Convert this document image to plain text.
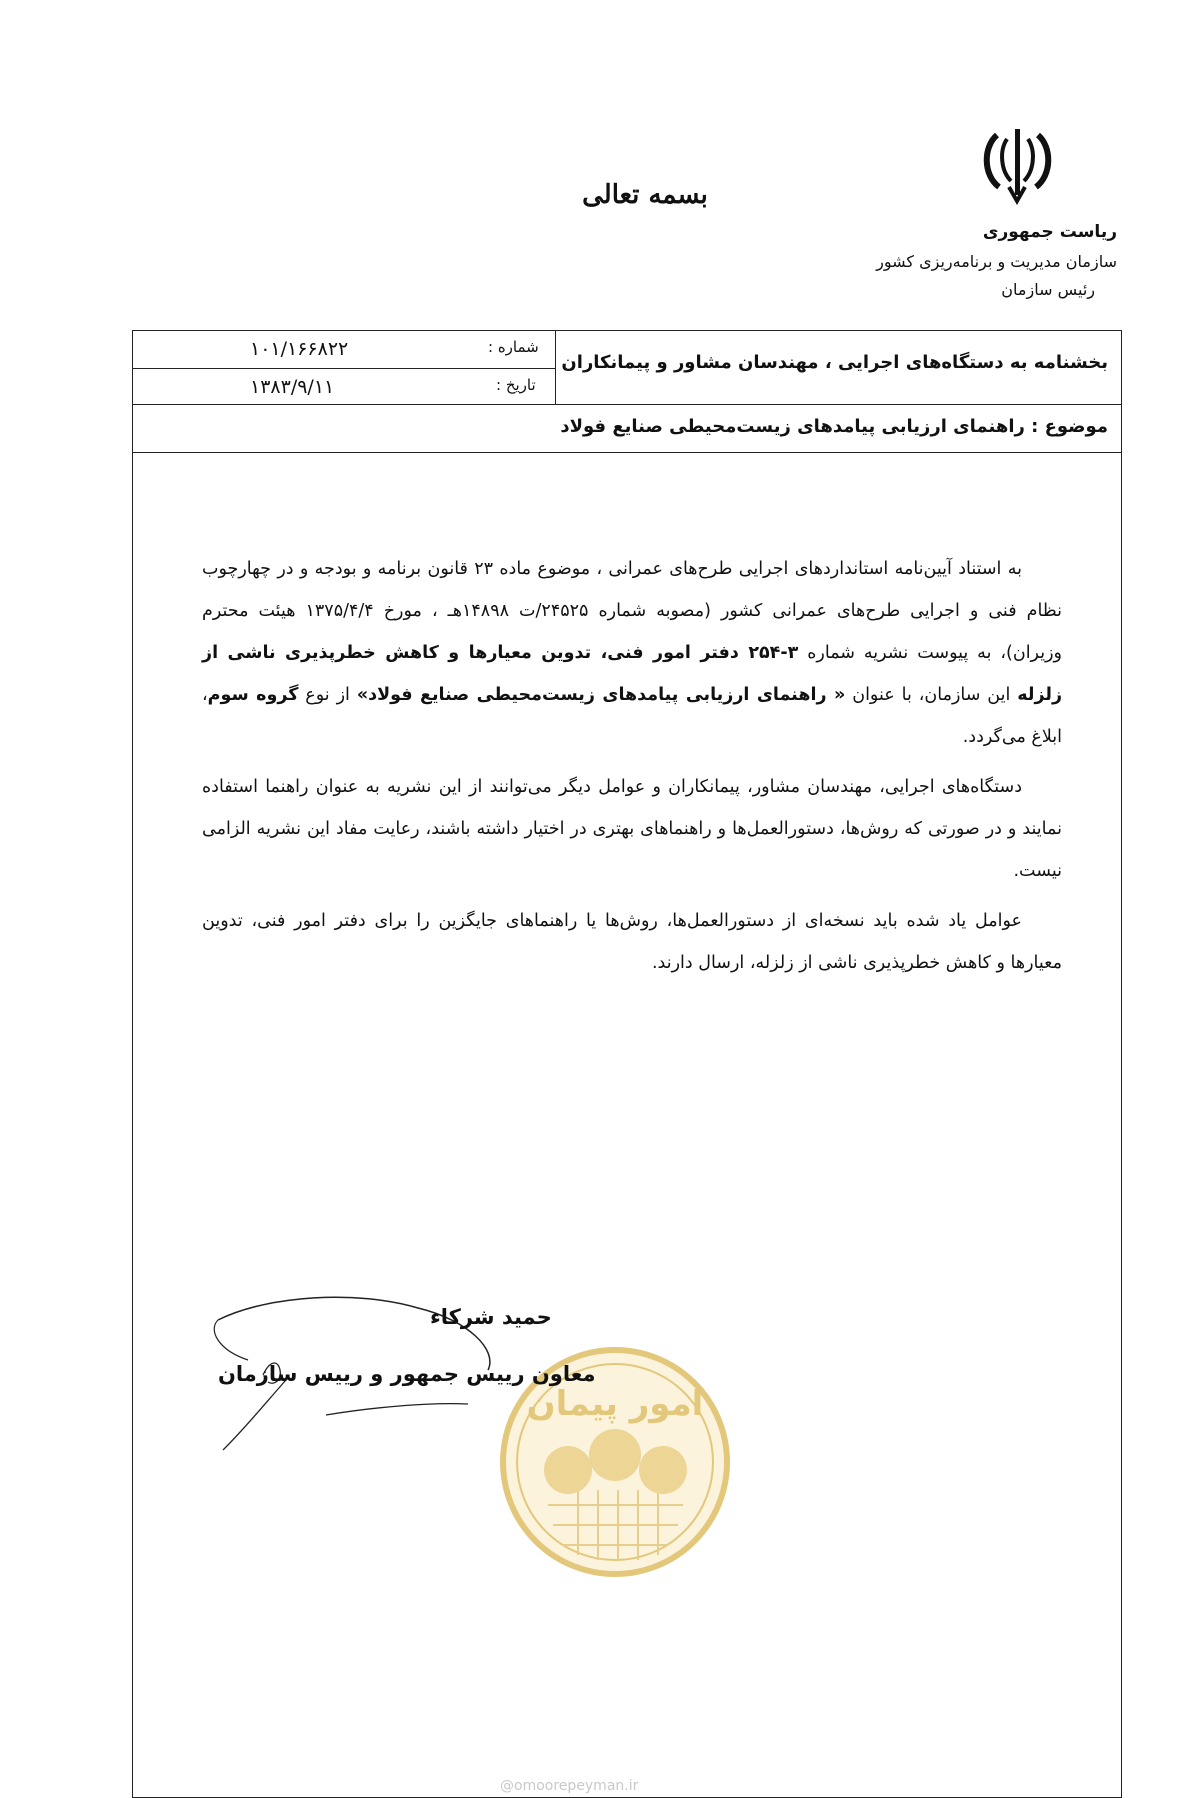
بسمه تعالی
ریاست جمهوری
سازمان مدیریت و برنامه‌ریزی کشور
رئیس سازمان
بخشنامه به دستگاه‌های اجرایی ، مهندسان مشاور و پیمانکاران
شماره :
۱۰۱/۱۶۶۸۲۲
تاریخ :
۱۳۸۳/۹/۱۱
موضوع : راهنمای ارزیابی پیامدهای زیست‌محیطی صنایع فولاد

به استناد آیین‌نامه استانداردهای اجرایی طرح‌های عمرانی ، موضوع ماده ۲۳ قانون برنامه و بودجه و در چهارچوب نظام فنی و اجرایی طرح‌های عمرانی کشور (مصوبه شماره ۲۴۵۲۵/ت ۱۴۸۹۸هـ ، مورخ ۱۳۷۵/۴/۴ هیئت محترم وزیران)، به پیوست نشریه شماره ۳-۲۵۴ دفتر امور فنی، تدوین معیارها و کاهش خطرپذیری ناشی از زلزله این سازمان، با عنوان « راهنمای ارزیابی پیامدهای زیست‌محیطی صنایع فولاد» از نوع گروه سوم، ابلاغ می‌گردد.

دستگاه‌های اجرایی، مهندسان مشاور، پیمانکاران و عوامل دیگر می‌توانند از این نشریه به عنوان راهنما استفاده نمایند و در صورتی که روش‌ها، دستورالعمل‌ها و راهنماهای بهتری در اختیار داشته باشند، رعایت مفاد این نشریه الزامی نیست.

عوامل یاد شده باید نسخه‌ای از دستورالعمل‌ها، روش‌ها یا راهنماهای جایگزین را برای دفتر امور فنی، تدوین معیارها و کاهش خطرپذیری ناشی از زلزله، ارسال دارند.

امور پیمان
حمید شرکاء
معاون رییس جمهور و رییس سازمان
@omoorepeyman.ir
